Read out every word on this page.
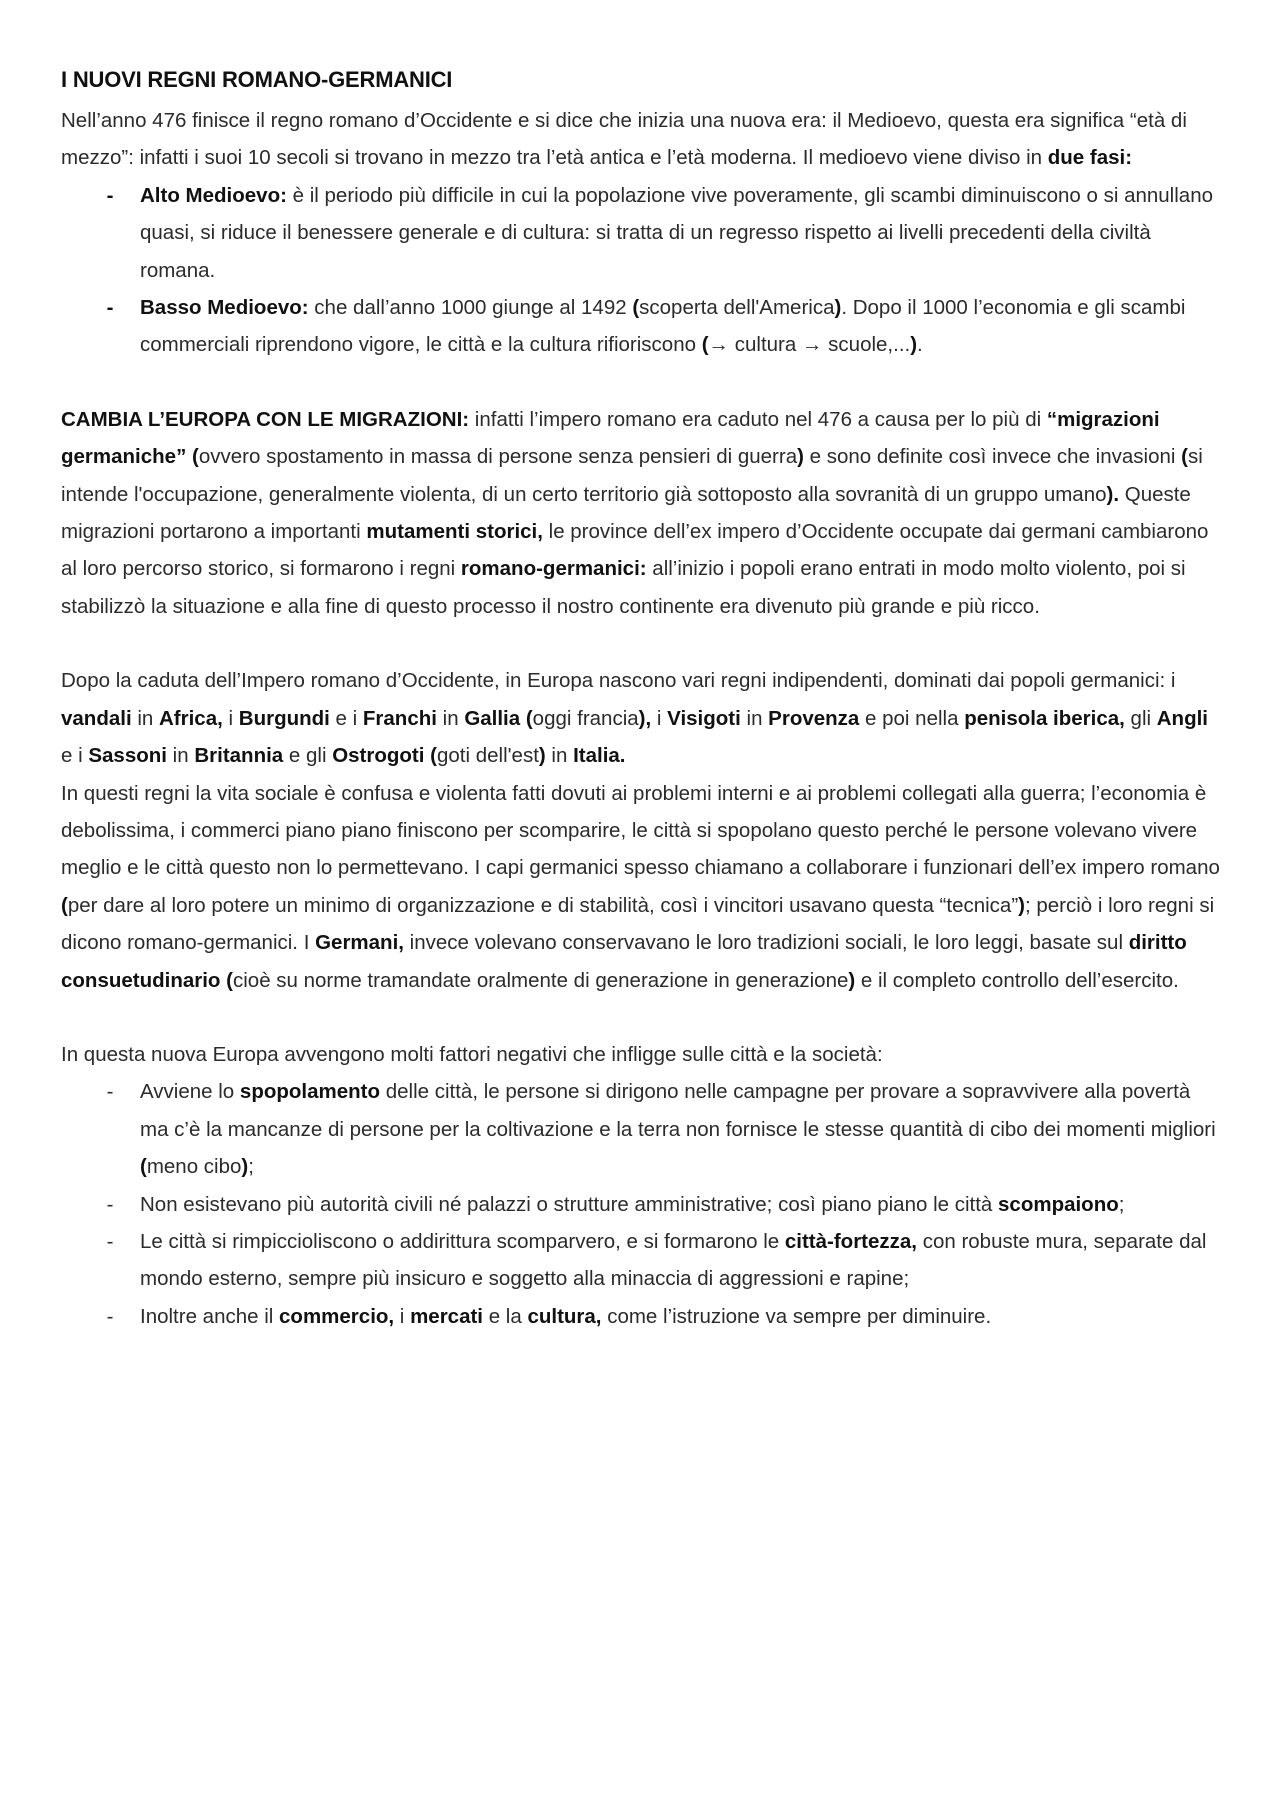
I NUOVI REGNI ROMANO-GERMANICI

Nell’anno 476 finisce il regno romano d’Occidente e si dice che inizia una nuova era: il Medioevo, questa era significa “età di mezzo”: infatti i suoi 10 secoli si trovano in mezzo tra l’età antica e l’età moderna. Il medioevo viene diviso in due fasi:

-	Alto Medioevo: è il periodo più difficile in cui la popolazione vive poveramente, gli scambi diminuiscono o si annullano quasi, si riduce il benessere generale e di cultura: si tratta di un regresso rispetto ai livelli precedenti della civiltà romana.
-	Basso Medioevo: che dall’anno 1000 giunge al 1492 (scoperta dell'America). Dopo il 1000 l’economia e gli scambi commerciali riprendono vigore, le città e la cultura rifioriscono (→ cultura → scuole,...).

CAMBIA L’EUROPA CON LE MIGRAZIONI: infatti l’impero romano era caduto nel 476 a causa per lo più di “migrazioni germaniche” (ovvero spostamento in massa di persone senza pensieri di guerra) e sono definite così invece che invasioni (si intende l'occupazione, generalmente violenta, di un certo territorio già sottoposto alla sovranità di un gruppo umano). Queste migrazioni portarono a importanti mutamenti storici, le province dell’ex impero d’Occidente occupate dai germani cambiarono al loro percorso storico, si formarono i regni romano-germanici: all’inizio i popoli erano entrati in modo molto violento, poi si stabilizzò la situazione e alla fine di questo processo il nostro continente era divenuto più grande e più ricco.

Dopo la caduta dell’Impero romano d’Occidente, in Europa nascono vari regni indipendenti, dominati dai popoli germanici: i vandali in Africa, i Burgundi e i Franchi in Gallia (oggi francia), i Visigoti in Provenza e poi nella penisola iberica, gli Angli e i Sassoni in Britannia e gli Ostrogoti (goti dell'est) in Italia.

In questi regni la vita sociale è confusa e violenta fatti dovuti ai problemi interni e ai problemi collegati alla guerra; l’economia è debolissima, i commerci piano piano finiscono per scomparire, le città si spopolano questo perché le persone volevano vivere meglio e le città questo non lo permettevano. I capi germanici spesso chiamano a collaborare i funzionari dell’ex impero romano (per dare al loro potere un minimo di organizzazione e di stabilità, così i vincitori usavano questa “tecnica”); perciò i loro regni si dicono romano-germanici. I Germani, invece volevano conservavano le loro tradizioni sociali, le loro leggi, basate sul diritto consuetudinario (cioè su norme tramandate oralmente di generazione in generazione) e il completo controllo dell’esercito.

In questa nuova Europa avvengono molti fattori negativi che infligge sulle città e la società:

-	Avviene lo spopolamento delle città, le persone si dirigono nelle campagne per provare a sopravvivere alla povertà ma c’è la mancanze di persone per la coltivazione e la terra non fornisce le stesse quantità di cibo dei momenti migliori (meno cibo);
-	Non esistevano più autorità civili né palazzi o strutture amministrative; così piano piano le città scompaiono;
-	Le città si rimpiccioliscono o addirittura scomparvero, e si formarono le città-fortezza, con robuste mura, separate dal mondo esterno, sempre più insicuro e soggetto alla minaccia di aggressioni e rapine;
-	Inoltre anche il commercio, i mercati e la cultura, come l’istruzione va sempre per diminuire.
